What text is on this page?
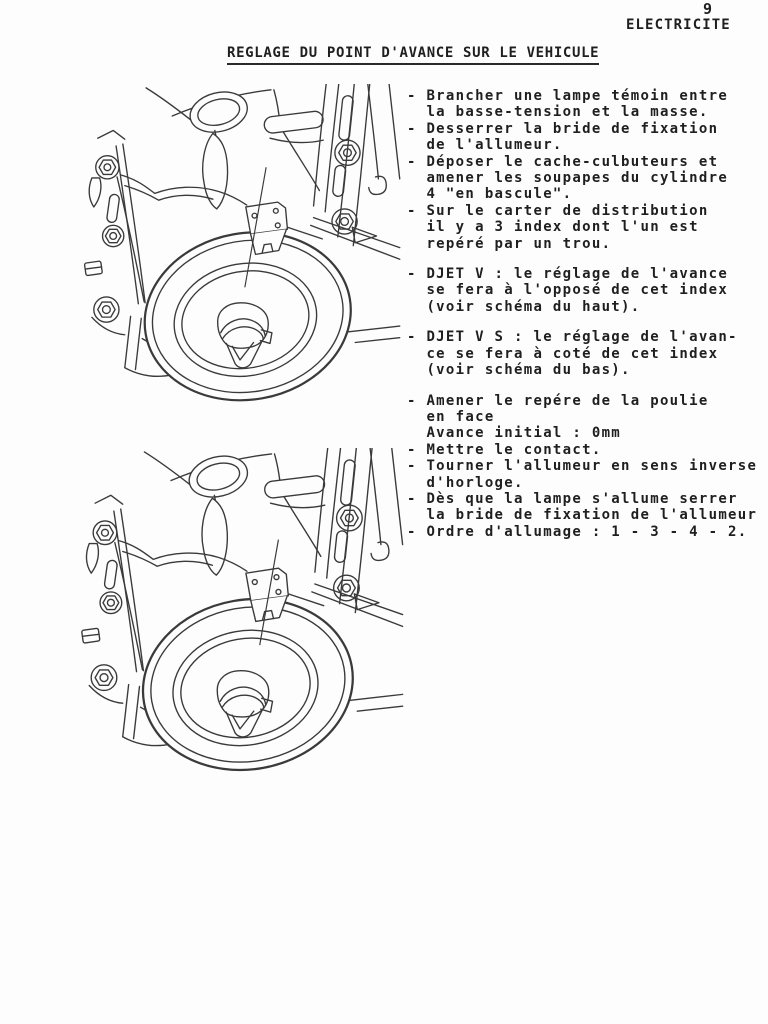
9
ELECTRICITE
REGLAGE DU POINT D'AVANCE SUR LE VEHICULE
- Brancher une lampe témoin entre
la basse-tension et la masse.
- Desserrer la bride de fixation
de l'allumeur.
- Déposer le cache-culbuteurs et
amener les soupapes du cylindre
4 "en bascule".
- Sur le carter de distribution
il y a 3 index dont l'un est
repéré par un trou.
- DJET V : le réglage de l'avance
se fera à l'opposé de cet index
(voir schéma du haut).
- DJET V S : le réglage de l'avan-
ce se fera à coté de cet index
(voir schéma du bas).
- Amener le repére de la poulie
en face
Avance initial : 0mm
- Mettre le contact.
- Tourner l'allumeur en sens inverse
d'horloge.
- Dès que la lampe s'allume serrer
la bride de fixation de l'allumeur
- Ordre d'allumage : 1 - 3 - 4 - 2.
